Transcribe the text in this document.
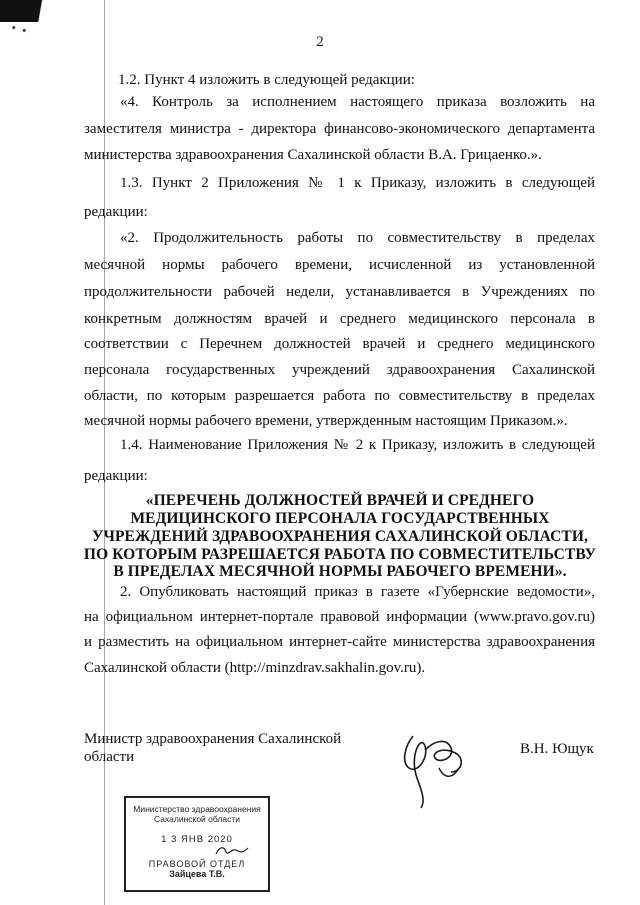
2
1.2. Пункт 4 изложить в следующей редакции:
«4. Контроль за исполнением настоящего приказа возложить на
заместителя министра - директора финансово-экономического департамента
министерства здравоохранения Сахалинской области В.А. Грицаенко.».
1.3. Пункт 2 Приложения № 1 к Приказу, изложить в следующей
редакции:
«2. Продолжительность работы по совместительству в пределах
месячной нормы рабочего времени, исчисленной из установленной
продолжительности рабочей недели, устанавливается в Учреждениях по
конкретным должностям врачей и среднего медицинского персонала в
соответствии с Перечнем должностей врачей и среднего медицинского
персонала государственных учреждений здравоохранения Сахалинской
области, по которым разрешается работа по совместительству в пределах
месячной нормы рабочего времени, утвержденным настоящим Приказом.».
1.4. Наименование Приложения № 2 к Приказу, изложить в следующей
редакции:
«ПЕРЕЧЕНЬ ДОЛЖНОСТЕЙ ВРАЧЕЙ И СРЕДНЕГО
МЕДИЦИНСКОГО ПЕРСОНАЛА ГОСУДАРСТВЕННЫХ
УЧРЕЖДЕНИЙ ЗДРАВООХРАНЕНИЯ САХАЛИНСКОЙ ОБЛАСТИ,
ПО КОТОРЫМ РАЗРЕШАЕТСЯ РАБОТА ПО СОВМЕСТИТЕЛЬСТВУ
В ПРЕДЕЛАХ МЕСЯЧНОЙ НОРМЫ РАБОЧЕГО ВРЕМЕНИ».
2. Опубликовать настоящий приказ в газете «Губернские ведомости»,
на официальном интернет-портале правовой информации (www.pravo.gov.ru)
и разместить на официальном интернет-сайте министерства здравоохранения
Сахалинской области (http://minzdrav.sakhalin.gov.ru).
Министр здравоохранения Сахалинской
области	В.Н. Ющук
Министерство здравоохранения
Сахалинской области
1 3 ЯНВ 2020
ПРАВОВОЙ ОТДЕЛ
Зайцева Т.В.
